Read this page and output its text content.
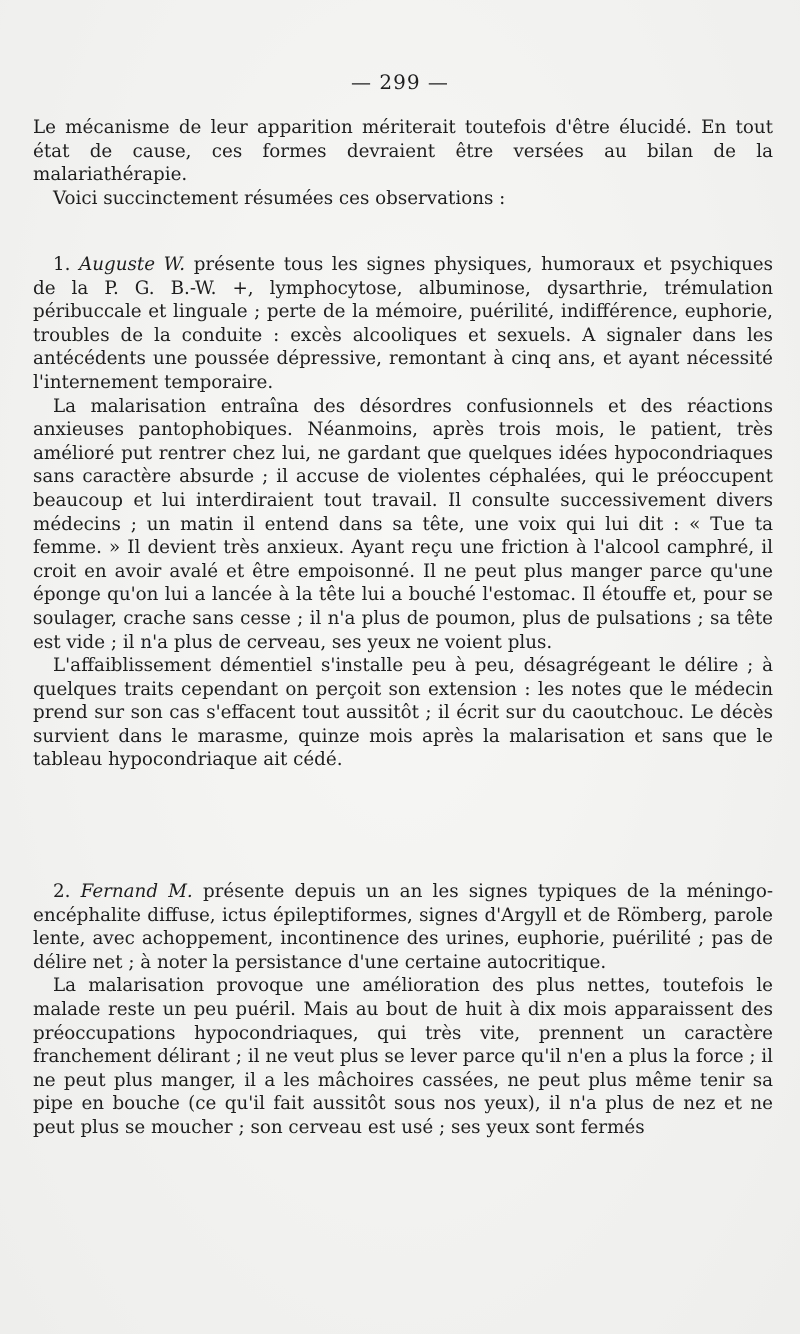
— 299 —

Le mécanisme de leur apparition mériterait toutefois d'être élucidé. En tout état de cause, ces formes devraient être versées au bilan de la malariathérapie.

Voici succinctement résumées ces observations :

1. Auguste W. présente tous les signes physiques, humoraux et psychiques de la P. G. B.-W. +, lymphocytose, albuminose, dysarthrie, trémulation péribuccale et linguale ; perte de la mémoire, puérilité, indifférence, euphorie, troubles de la conduite : excès alcooliques et sexuels. A signaler dans les antécédents une poussée dépressive, remontant à cinq ans, et ayant nécessité l'internement temporaire.

La malarisation entraîna des désordres confusionnels et des réactions anxieuses pantophobiques. Néanmoins, après trois mois, le patient, très amélioré put rentrer chez lui, ne gardant que quelques idées hypocondriaques sans caractère absurde ; il accuse de violentes céphalées, qui le préoccupent beaucoup et lui interdiraient tout travail. Il consulte successivement divers médecins ; un matin il entend dans sa tête, une voix qui lui dit : « Tue ta femme. » Il devient très anxieux. Ayant reçu une friction à l'alcool camphré, il croit en avoir avalé et être empoisonné. Il ne peut plus manger parce qu'une éponge qu'on lui a lancée à la tête lui a bouché l'estomac. Il étouffe et, pour se soulager, crache sans cesse ; il n'a plus de poumon, plus de pulsations ; sa tête est vide ; il n'a plus de cerveau, ses yeux ne voient plus.

L'affaiblissement démentiel s'installe peu à peu, désagrégeant le délire ; à quelques traits cependant on perçoit son extension : les notes que le médecin prend sur son cas s'effacent tout aussitôt ; il écrit sur du caoutchouc. Le décès survient dans le marasme, quinze mois après la malarisation et sans que le tableau hypocondriaque ait cédé.

2. Fernand M. présente depuis un an les signes typiques de la méningo-encéphalite diffuse, ictus épileptiformes, signes d'Argyll et de Römberg, parole lente, avec achoppement, incontinence des urines, euphorie, puérilité ; pas de délire net ; à noter la persistance d'une certaine autocritique.

La malarisation provoque une amélioration des plus nettes, toutefois le malade reste un peu puéril. Mais au bout de huit à dix mois apparaissent des préoccupations hypocondriaques, qui très vite, prennent un caractère franchement délirant ; il ne veut plus se lever parce qu'il n'en a plus la force ; il ne peut plus manger, il a les mâchoires cassées, ne peut plus même tenir sa pipe en bouche (ce qu'il fait aussitôt sous nos yeux), il n'a plus de nez et ne peut plus se moucher ; son cerveau est usé ; ses yeux sont fermés
